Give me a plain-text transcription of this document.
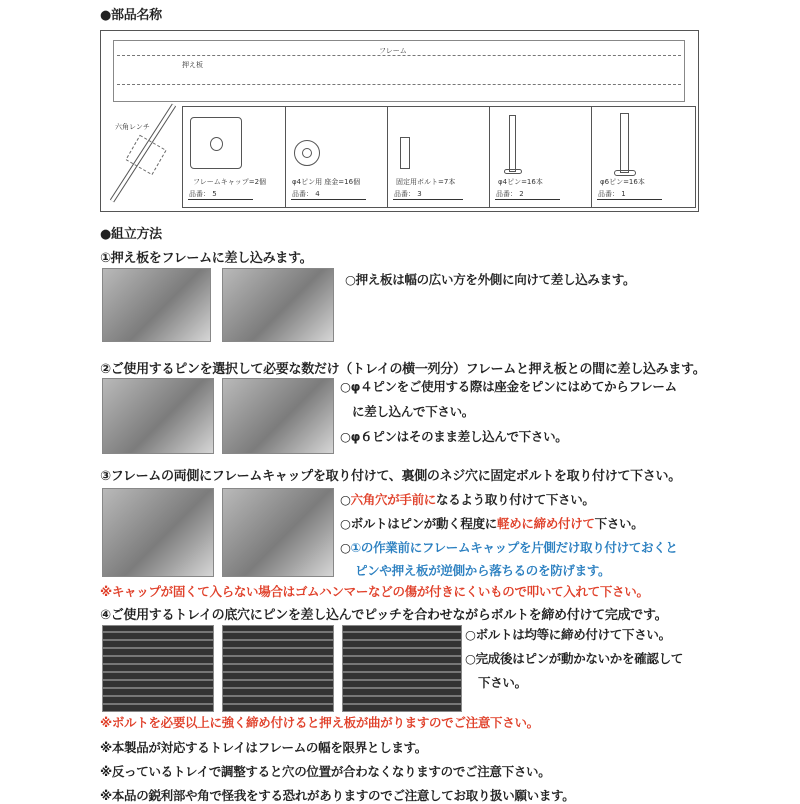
●部品名称
フレーム
押え板
六角レンチ
フレームキャップ=2個
品番： 5
φ4ピン用 座金=16個
品番： 4
固定用ボルト=7本
品番： 3
φ4ピン=16本
品番： 2
φ6ピン=16本
品番： 1
●組立方法
①押え板をフレームに差し込みます。
○押え板は幅の広い方を外側に向けて差し込みます。
②ご使用するピンを選択して必要な数だけ（トレイの横一列分）フレームと押え板との間に差し込みます。
○φ４ピンをご使用する際は座金をピンにはめてからフレーム
に差し込んで下さい。
○φ６ピンはそのまま差し込んで下さい。
③フレームの両側にフレームキャップを取り付けて、裏側のネジ穴に固定ボルトを取り付けて下さい。
○六角穴が手前になるよう取り付けて下さい。
○ボルトはピンが動く程度に軽めに締め付けて下さい。
○①の作業前にフレームキャップを片側だけ取り付けておくと
ピンや押え板が逆側から落ちるのを防げます。
※キャップが固くて入らない場合はゴムハンマーなどの傷が付きにくいもので叩いて入れて下さい。
④ご使用するトレイの底穴にピンを差し込んでピッチを合わせながらボルトを締め付けて完成です。
○ボルトは均等に締め付けて下さい。
○完成後はピンが動かないかを確認して
下さい。
※ボルトを必要以上に強く締め付けると押え板が曲がりますのでご注意下さい。
※本製品が対応するトレイはフレームの幅を限界とします。
※反っているトレイで調整すると穴の位置が合わなくなりますのでご注意下さい。
※本品の鋭利部や角で怪我をする恐れがありますのでご注意してお取り扱い願います。
